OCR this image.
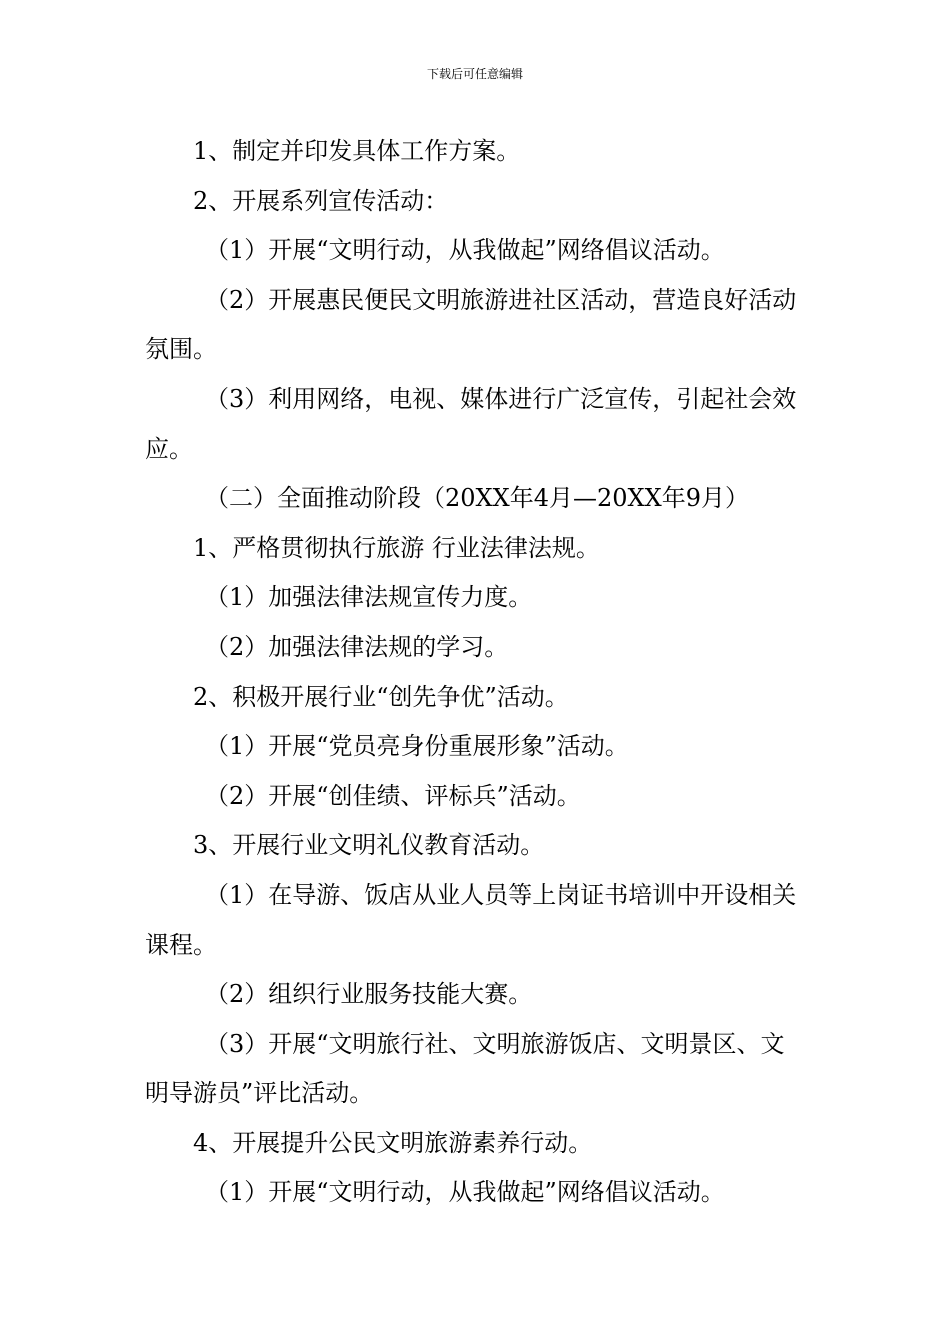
下载后可任意编辑

1、制定并印发具体工作方案。

2、开展系列宣传活动：

（1）开展“文明行动，从我做起”网络倡议活动。

（2）开展惠民便民文明旅游进社区活动，营造良好活动氛围。

（3）利用网络，电视、媒体进行广泛宣传，引起社会效应。

（二）全面推动阶段（20XX年4月—20XX年9月）

1、严格贯彻执行旅游 行业法律法规。

（1）加强法律法规宣传力度。

（2）加强法律法规的学习。

2、积极开展行业“创先争优”活动。

（1）开展“党员亮身份重展形象”活动。

（2）开展“创佳绩、评标兵”活动。

3、开展行业文明礼仪教育活动。

（1）在导游、饭店从业人员等上岗证书培训中开设相关课程。

（2）组织行业服务技能大赛。

（3）开展“文明旅行社、文明旅游饭店、文明景区、文明导游员”评比活动。

4、开展提升公民文明旅游素养行动。

（1）开展“文明行动，从我做起”网络倡议活动。
